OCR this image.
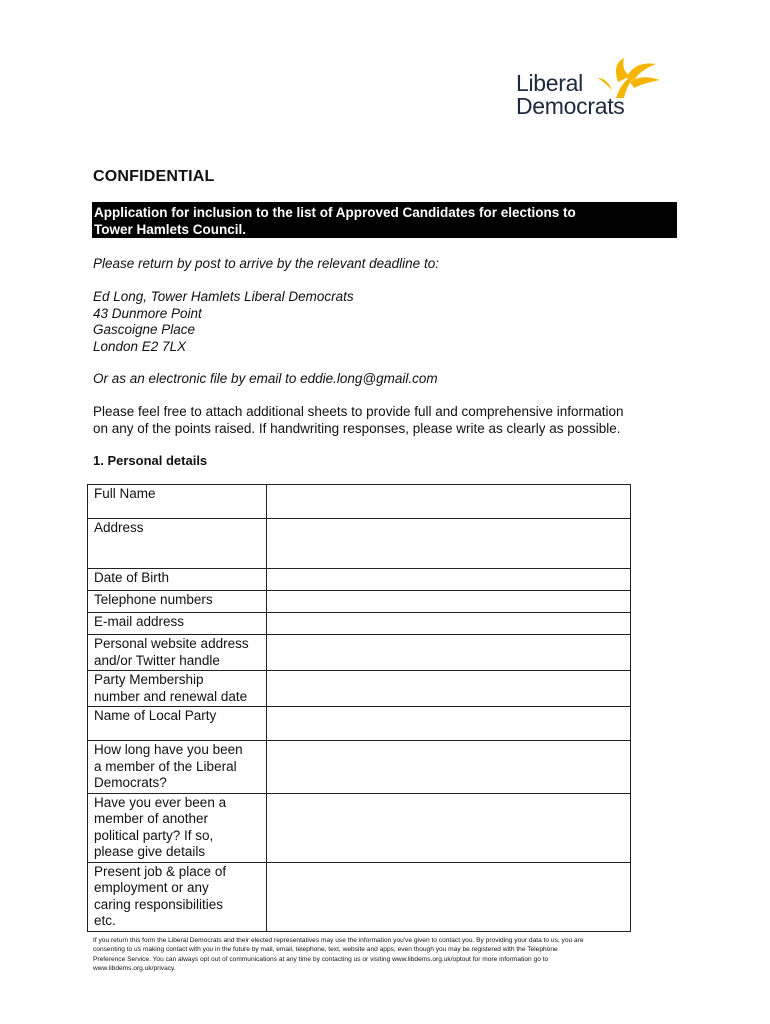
Liberal
Democrats
CONFIDENTIAL
Application for inclusion to the list of Approved Candidates for elections to
Tower Hamlets Council.
Please return by post to arrive by the relevant deadline to:
Ed Long, Tower Hamlets Liberal Democrats
43 Dunmore Point
Gascoigne Place
London E2 7LX
Or as an electronic file by email to eddie.long@gmail.com
Please feel free to attach additional sheets to provide full and comprehensive information
on any of the points raised. If handwriting responses, please write as clearly as possible.
1. Personal details
Full Name

Address

Date of Birth

Telephone numbers

E-mail address

Personal website address
and/or Twitter handle

Party Membership
number and renewal date

Name of Local Party

How long have you been
a member of the Liberal
Democrats?

Have you ever been a
member of another
political party? If so,
please give details

Present job & place of
employment or any
caring responsibilities
etc.

If you return this form the Liberal Democrats and their elected representatives may use the information you've given to contact you. By providing your data to us, you are
consenting to us making contact with you in the future by mail, email, telephone, text, website and apps, even though you may be registered with the Telephone
Preference Service. You can always opt out of communications at any time by contacting us or visiting www.libdems.org.uk/optout for more information go to
www.libdems.org.uk/privacy.
